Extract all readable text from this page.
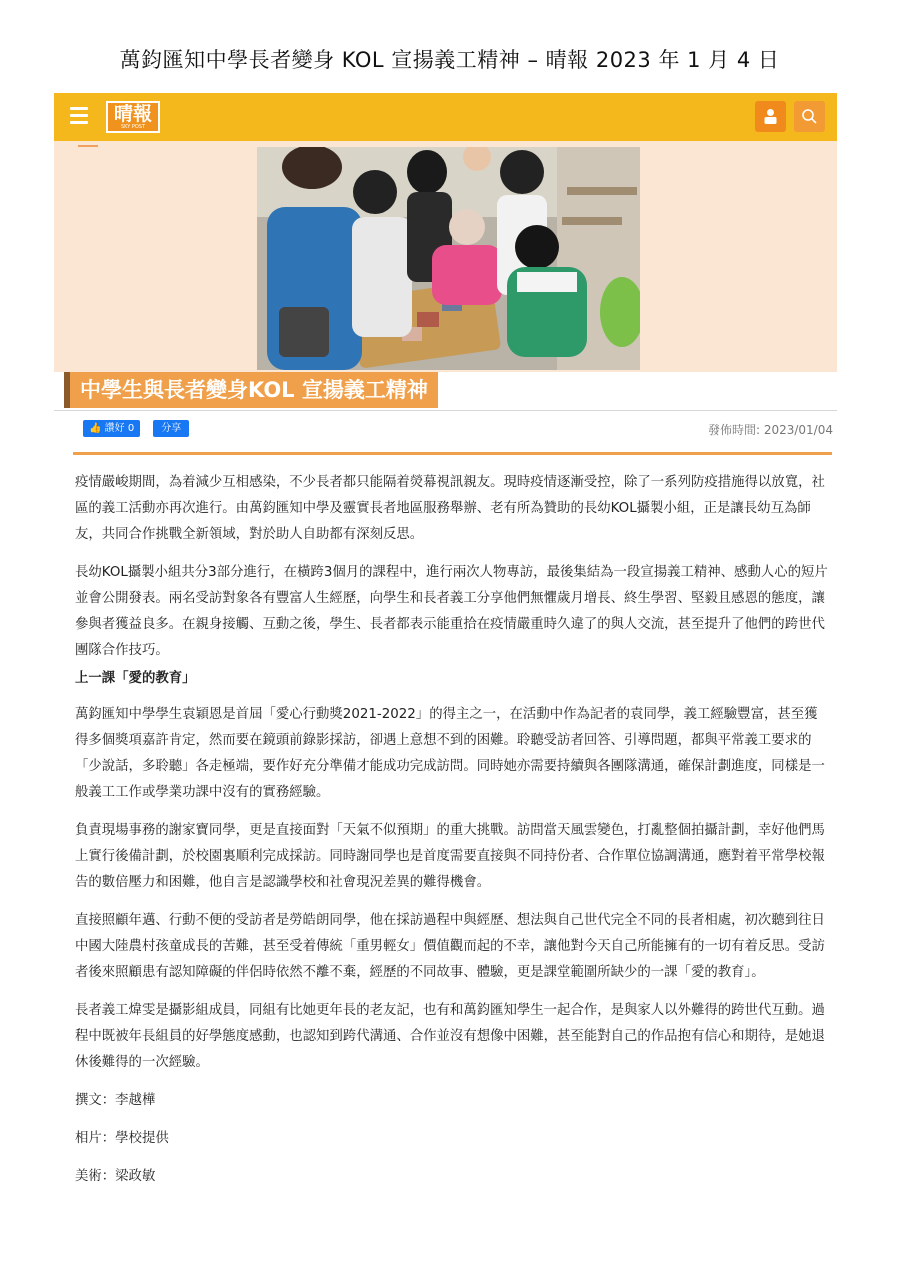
萬鈞匯知中學長者變身 KOL 宣揚義工精神 – 晴報 2023 年 1 月 4 日
晴報
SKY POST
中學生與長者變身KOL 宣揚義工精神
👍 讚好 0	分享	發佈時間: 2023/01/04

疫情嚴峻期間，為着減少互相感染，不少長者都只能隔着熒幕視訊親友。現時疫情逐漸受控，除了一系列防疫措施得以放寬，社區的義工活動亦再次進行。由萬鈞匯知中學及靈實長者地區服務舉辦、老有所為贊助的長幼KOL攝製小組，正是讓長幼互為師友，共同合作挑戰全新領域，對於助人自助都有深刻反思。

長幼KOL攝製小組共分3部分進行，在橫跨3個月的課程中，進行兩次人物專訪，最後集結為一段宣揚義工精神、感動人心的短片並會公開發表。兩名受訪對象各有豐富人生經歷，向學生和長者義工分享他們無懼歲月增長、終生學習、堅毅且感恩的態度，讓參與者獲益良多。在親身接觸、互動之後，學生、長者都表示能重拾在疫情嚴重時久違了的與人交流，甚至提升了他們的跨世代團隊合作技巧。

上一課「愛的教育」

萬鈞匯知中學學生袁穎恩是首屆「愛心行動獎2021-2022」的得主之一，在活動中作為記者的袁同學，義工經驗豐富，甚至獲得多個獎項嘉許肯定，然而要在鏡頭前錄影採訪，卻遇上意想不到的困難。聆聽受訪者回答、引導問題，都與平常義工要求的「少說話，多聆聽」各走極端，要作好充分準備才能成功完成訪問。同時她亦需要持續與各團隊溝通，確保計劃進度，同樣是一般義工工作或學業功課中沒有的實務經驗。

負責現場事務的謝家寶同學，更是直接面對「天氣不似預期」的重大挑戰。訪問當天風雲變色，打亂整個拍攝計劃，幸好他們馬上實行後備計劃，於校園裏順利完成採訪。同時謝同學也是首度需要直接與不同持份者、合作單位協調溝通，應對着平常學校報告的數倍壓力和困難，他自言是認識學校和社會現況差異的難得機會。

直接照顧年邁、行動不便的受訪者是勞皓朗同學，他在採訪過程中與經歷、想法與自己世代完全不同的長者相處，初次聽到往日中國大陸農村孩童成長的苦難，甚至受着傳統「重男輕女」價值觀而起的不幸，讓他對今天自己所能擁有的一切有着反思。受訪者後來照顧患有認知障礙的伴侶時依然不離不棄，經歷的不同故事、體驗，更是課堂範圍所缺少的一課「愛的教育」。

長者義工煒雯是攝影組成員，同組有比她更年長的老友記，也有和萬鈞匯知學生一起合作，是與家人以外難得的跨世代互動。過程中既被年長組員的好學態度感動，也認知到跨代溝通、合作並沒有想像中困難，甚至能對自己的作品抱有信心和期待，是她退休後難得的一次經驗。

撰文：李越樺

相片：學校提供

美術：梁政敏
